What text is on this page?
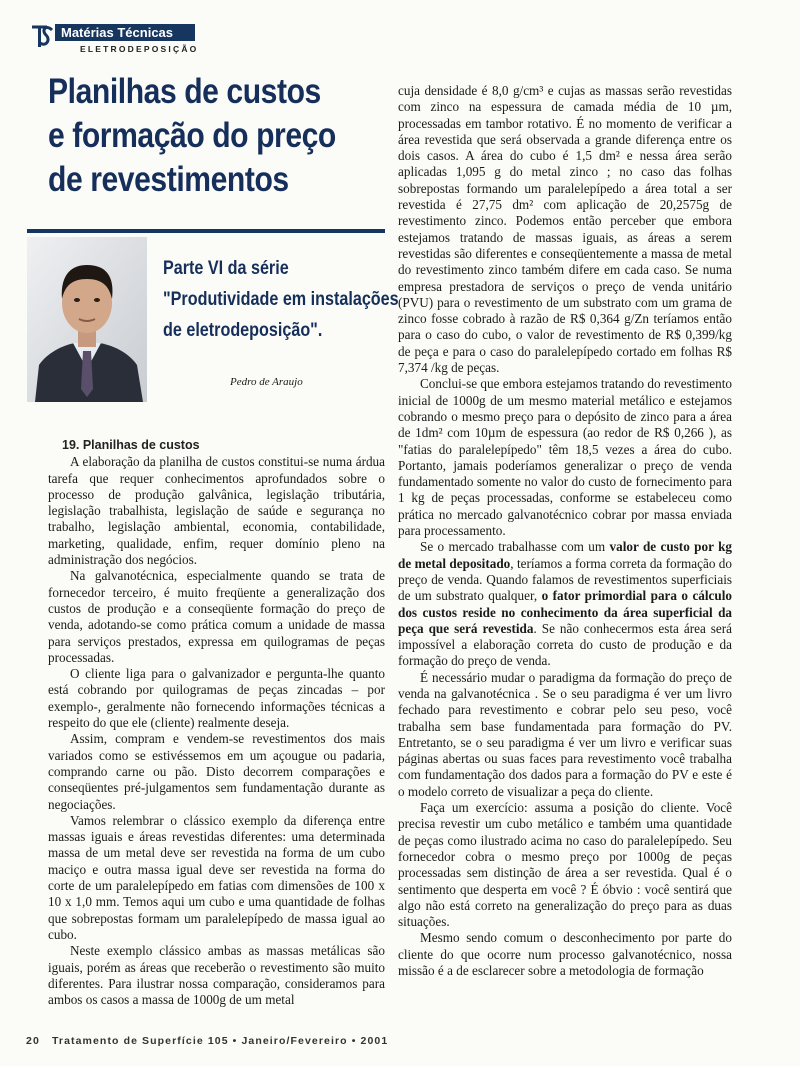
Matérias Técnicas
ELETRODEPOSIÇÃO
Planilhas de custos
e formação do preço
de revestimentos
Parte VI da série
"Produtividade em instalações
de eletrodeposição".
Pedro de Araujo
19. Planilhas de custos

A elaboração da planilha de custos constitui-se numa árdua tarefa que requer conhecimentos aprofundados sobre o processo de produção galvânica, legislação tributária, legislação trabalhista, legislação de saúde e segurança no trabalho, legislação ambiental, economia, contabilidade, marketing, qualidade, enfim, requer domínio pleno na administração dos negócios.

Na galvanotécnica, especialmente quando se trata de fornecedor terceiro, é muito freqüente a generalização dos custos de produção e a conseqüente formação do preço de venda, adotando-se como prática comum a unidade de massa para serviços prestados, expressa em quilogramas de peças processadas.

O cliente liga para o galvanizador e pergunta-lhe quanto está cobrando por quilogramas de peças zincadas – por exemplo-, geralmente não fornecendo informações técnicas a respeito do que ele (cliente) realmente deseja.

Assim, compram e vendem-se revestimentos dos mais variados como se estivéssemos em um açougue ou padaria, comprando carne ou pão. Disto decorrem comparações e conseqüentes pré-julgamentos sem fundamentação durante as negociações.

Vamos relembrar o clássico exemplo da diferença entre massas iguais e áreas revestidas diferentes: uma determinada massa de um metal deve ser revestida na forma de um cubo maciço e outra massa igual deve ser revestida na forma do corte de um paralelepípedo em fatias com dimensões de 100 x 10 x 1,0 mm. Temos aqui um cubo e uma quantidade de folhas que sobrepostas formam um paralelepípedo de massa igual ao cubo.

Neste exemplo clássico ambas as massas metálicas são iguais, porém as áreas que receberão o revestimento são muito diferentes. Para ilustrar nossa comparação, consideramos para ambos os casos a massa de 1000g de um metal

cuja densidade é 8,0 g/cm³ e cujas as massas serão revestidas com zinco na espessura de camada média de 10 µm, processadas em tambor rotativo. É no momento de verificar a área revestida que será observada a grande diferença entre os dois casos. A área do cubo é 1,5 dm² e nessa área serão aplicadas 1,095 g do metal zinco ; no caso das folhas sobrepostas formando um paralelepípedo a área total a ser revestida é 27,75 dm² com aplicação de 20,2575g de revestimento zinco. Podemos então perceber que embora estejamos tratando de massas iguais, as áreas a serem revestidas são diferentes e conseqüentemente a massa de metal do revestimento zinco também difere em cada caso. Se numa empresa prestadora de serviços o preço de venda unitário (PVU) para o revestimento de um substrato com um grama de zinco fosse cobrado à razão de R$ 0,364 g/Zn teríamos então para o caso do cubo, o valor de revestimento de R$ 0,399/kg de peça e para o caso do paralelepípedo cortado em folhas R$ 7,374 /kg de peças.

Conclui-se que embora estejamos tratando do revestimento inicial de 1000g de um mesmo material metálico e estejamos cobrando o mesmo preço para o depósito de zinco para a área de 1dm² com 10µm de espessura (ao redor de R$ 0,266 ), as "fatias do paralelepípedo" têm 18,5 vezes a área do cubo. Portanto, jamais poderíamos generalizar o preço de venda fundamentado somente no valor do custo de fornecimento para 1 kg de peças processadas, conforme se estabeleceu como prática no mercado galvanotécnico cobrar por massa enviada para processamento.

Se o mercado trabalhasse com um valor de custo por kg de metal depositado, teríamos a forma correta da formação do preço de venda. Quando falamos de revestimentos superficiais de um substrato qualquer, o fator primordial para o cálculo dos custos reside no conhecimento da área superficial da peça que será revestida. Se não conhecermos esta área será impossível a elaboração correta do custo de produção e da formação do preço de venda.

É necessário mudar o paradigma da formação do preço de venda na galvanotécnica . Se o seu paradigma é ver um livro fechado para revestimento e cobrar pelo seu peso, você trabalha sem base fundamentada para formação do PV. Entretanto, se o seu paradigma é ver um livro e verificar suas páginas abertas ou suas faces para revestimento você trabalha com fundamentação dos dados para a formação do PV e este é o modelo correto de visualizar a peça do cliente.

Faça um exercício: assuma a posição do cliente. Você precisa revestir um cubo metálico e também uma quantidade de peças como ilustrado acima no caso do paralelepípedo. Seu fornecedor cobra o mesmo preço por 1000g de peças processadas sem distinção de área a ser revestida. Qual é o sentimento que desperta em você ? É óbvio : você sentirá que algo não está correto na generalização do preço para as duas situações.

Mesmo sendo comum o desconhecimento por parte do cliente do que ocorre num processo galvanotécnico, nossa missão é a de esclarecer sobre a metodologia de formação

20 Tratamento de Superfície 105 • Janeiro/Fevereiro • 2001
